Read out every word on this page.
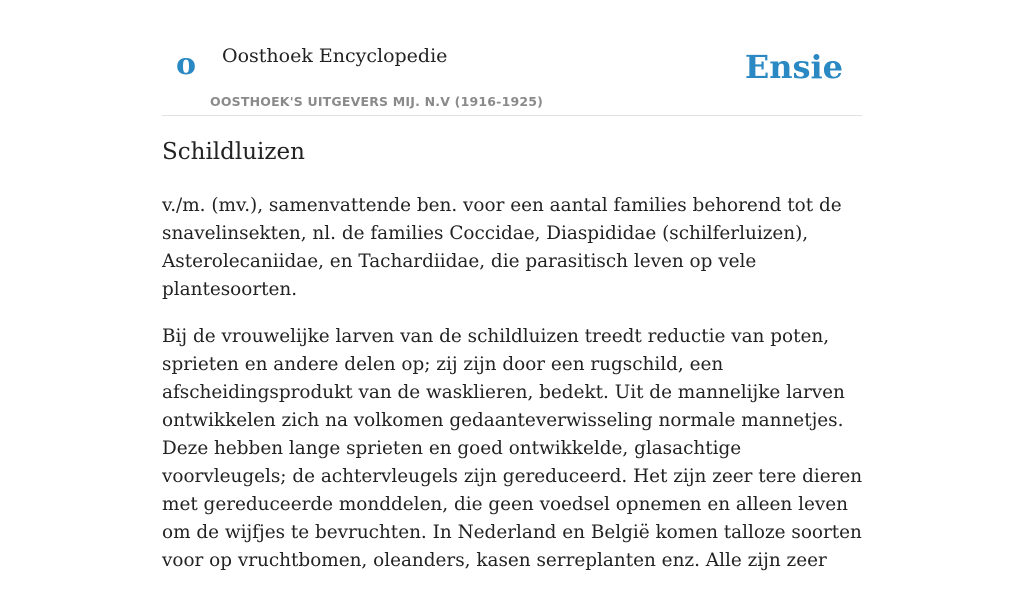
o Oosthoek Encyclopedie
OOSTHOEK'S UITGEVERS MIJ. N.V (1916-1925)
Ensie
Schildluizen

v./m. (mv.), samenvattende ben. voor een aantal families behorend tot de snavelinsekten, nl. de families Coccidae, Diaspididae (schilferluizen), Asterolecaniidae, en Tachardiidae, die parasitisch leven op vele plantesoorten.

Bij de vrouwelijke larven van de schildluizen treedt reductie van poten, sprieten en andere delen op; zij zijn door een rugschild, een afscheidingsprodukt van de wasklieren, bedekt. Uit de mannelijke larven ontwikkelen zich na volkomen gedaanteverwisseling normale mannetjes. Deze hebben lange sprieten en goed ontwikkelde, glasachtige voorvleugels; de achtervleugels zijn gereduceerd. Het zijn zeer tere dieren met gereduceerde monddelen, die geen voedsel opnemen en alleen leven om de wijfjes te bevruchten. In Nederland en België komen talloze soorten voor op vruchtbomen, oleanders, kasen serreplanten enz. Alle zijn zeer
